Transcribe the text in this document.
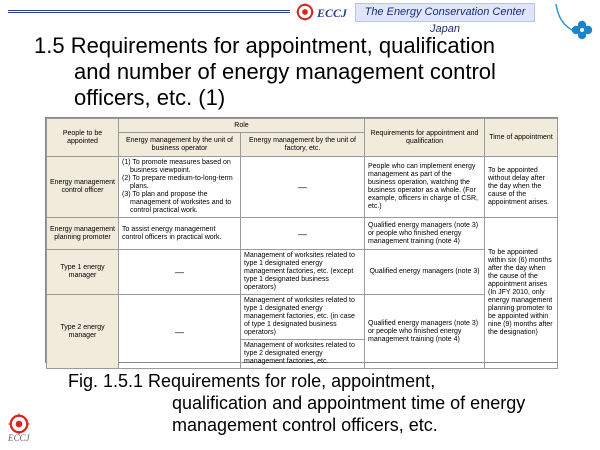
ECCJ	The Energy Conservation Center Japan
1.5 Requirements for appointment, qualification
and number of energy management control
officers, etc. (1)
People to be appointed	Role		Requirements for appointment and qualification	Time of appointment
	Energy management by the unit of business operator	Energy management by the unit of factory, etc.		
Energy management control officer	(1) To promote measures based on business viewpoint.
(2) To prepare medium-to-long-term plans.
(3) To plan and propose the management of worksites and to control practical work.	—	People who can implement energy management as part of the business operation, watching the business operator as a whole. (For example, officers in charge of CSR, etc.)	To be appointed without delay after the day when the cause of the appointment arises.
Energy management planning promoter	To assist energy management control officers in practical work.	—	Qualified energy managers (note 3) or people who finished energy management training (note 4)	To be appointed within six (6) months after the day when the cause of the appointment arises (In JFY 2010, only energy management planning promoter to be appointed within nine (9) months after the designation)
Type 1 energy manager	—	Management of worksites related to type 1 designated energy management factories, etc. (except type 1 designated business operators)	Qualified energy managers (note 3)	
Type 2 energy manager	—	Management of worksites related to type 1 designated energy management factories, etc. (in case of type 1 designated business operators)	Qualified energy managers (note 3) or people who finished energy management training (note 4)	
		Management of worksites related to type 2 designated energy management factories, etc.		
Fig. 1.5.1 Requirements for role, appointment,
qualification and appointment time of energy
management control officers, etc.
ECCJ
